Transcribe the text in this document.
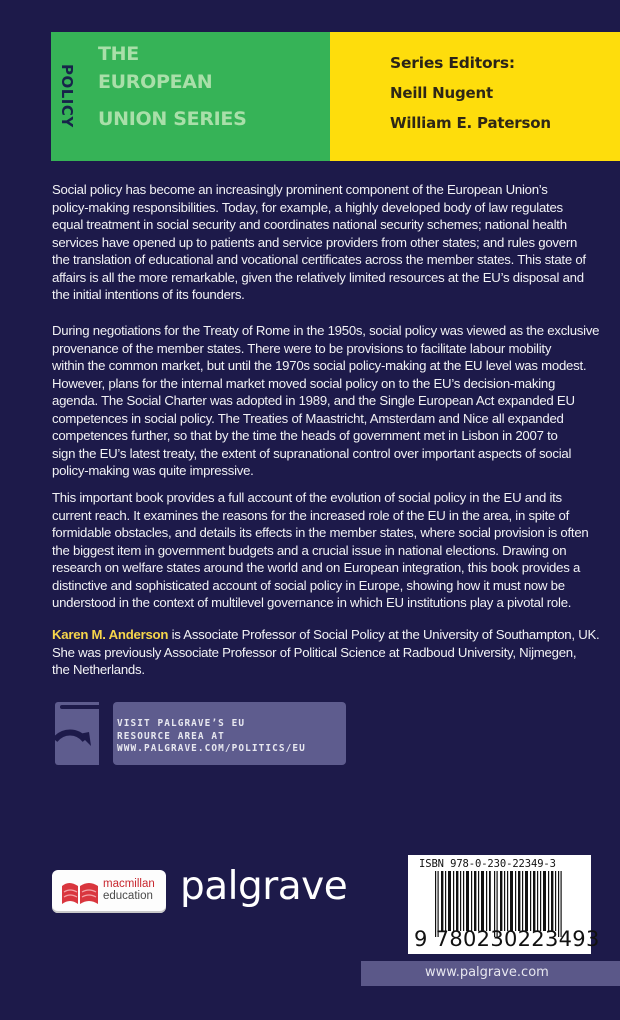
POLICY
THE
EUROPEAN
UNION SERIES
Series Editors:
Neill Nugent
William E. Paterson
Social policy has become an increasingly prominent component of the European Union’s
policy-making responsibilities. Today, for example, a highly developed body of law regulates
equal treatment in social security and coordinates national security schemes; national health
services have opened up to patients and service providers from other states; and rules govern
the translation of educational and vocational certificates across the member states. This state of
affairs is all the more remarkable, given the relatively limited resources at the EU’s disposal and
the initial intentions of its founders.
During negotiations for the Treaty of Rome in the 1950s, social policy was viewed as the exclusive
provenance of the member states. There were to be provisions to facilitate labour mobility
within the common market, but until the 1970s social policy-making at the EU level was modest.
However, plans for the internal market moved social policy on to the EU’s decision-making
agenda. The Social Charter was adopted in 1989, and the Single European Act expanded EU
competences in social policy. The Treaties of Maastricht, Amsterdam and Nice all expanded
competences further, so that by the time the heads of government met in Lisbon in 2007 to
sign the EU’s latest treaty, the extent of supranational control over important aspects of social
policy-making was quite impressive.
This important book provides a full account of the evolution of social policy in the EU and its
current reach. It examines the reasons for the increased role of the EU in the area, in spite of
formidable obstacles, and details its effects in the member states, where social provision is often
the biggest item in government budgets and a crucial issue in national elections. Drawing on
research on welfare states around the world and on European integration, this book provides a
distinctive and sophisticated account of social policy in Europe, showing how it must now be
understood in the context of multilevel governance in which EU institutions play a pivotal role.
Karen M. Anderson is Associate Professor of Social Policy at the University of Southampton, UK.
She was previously Associate Professor of Political Science at Radboud University, Nijmegen,
the Netherlands.
VISIT PALGRAVE’S EU
RESOURCE AREA AT
WWW.PALGRAVE.COM/POLITICS/EU
macmillan
education palgrave	ISBN 978-0-230-22349-3
9 780230223493
www.palgrave.com
